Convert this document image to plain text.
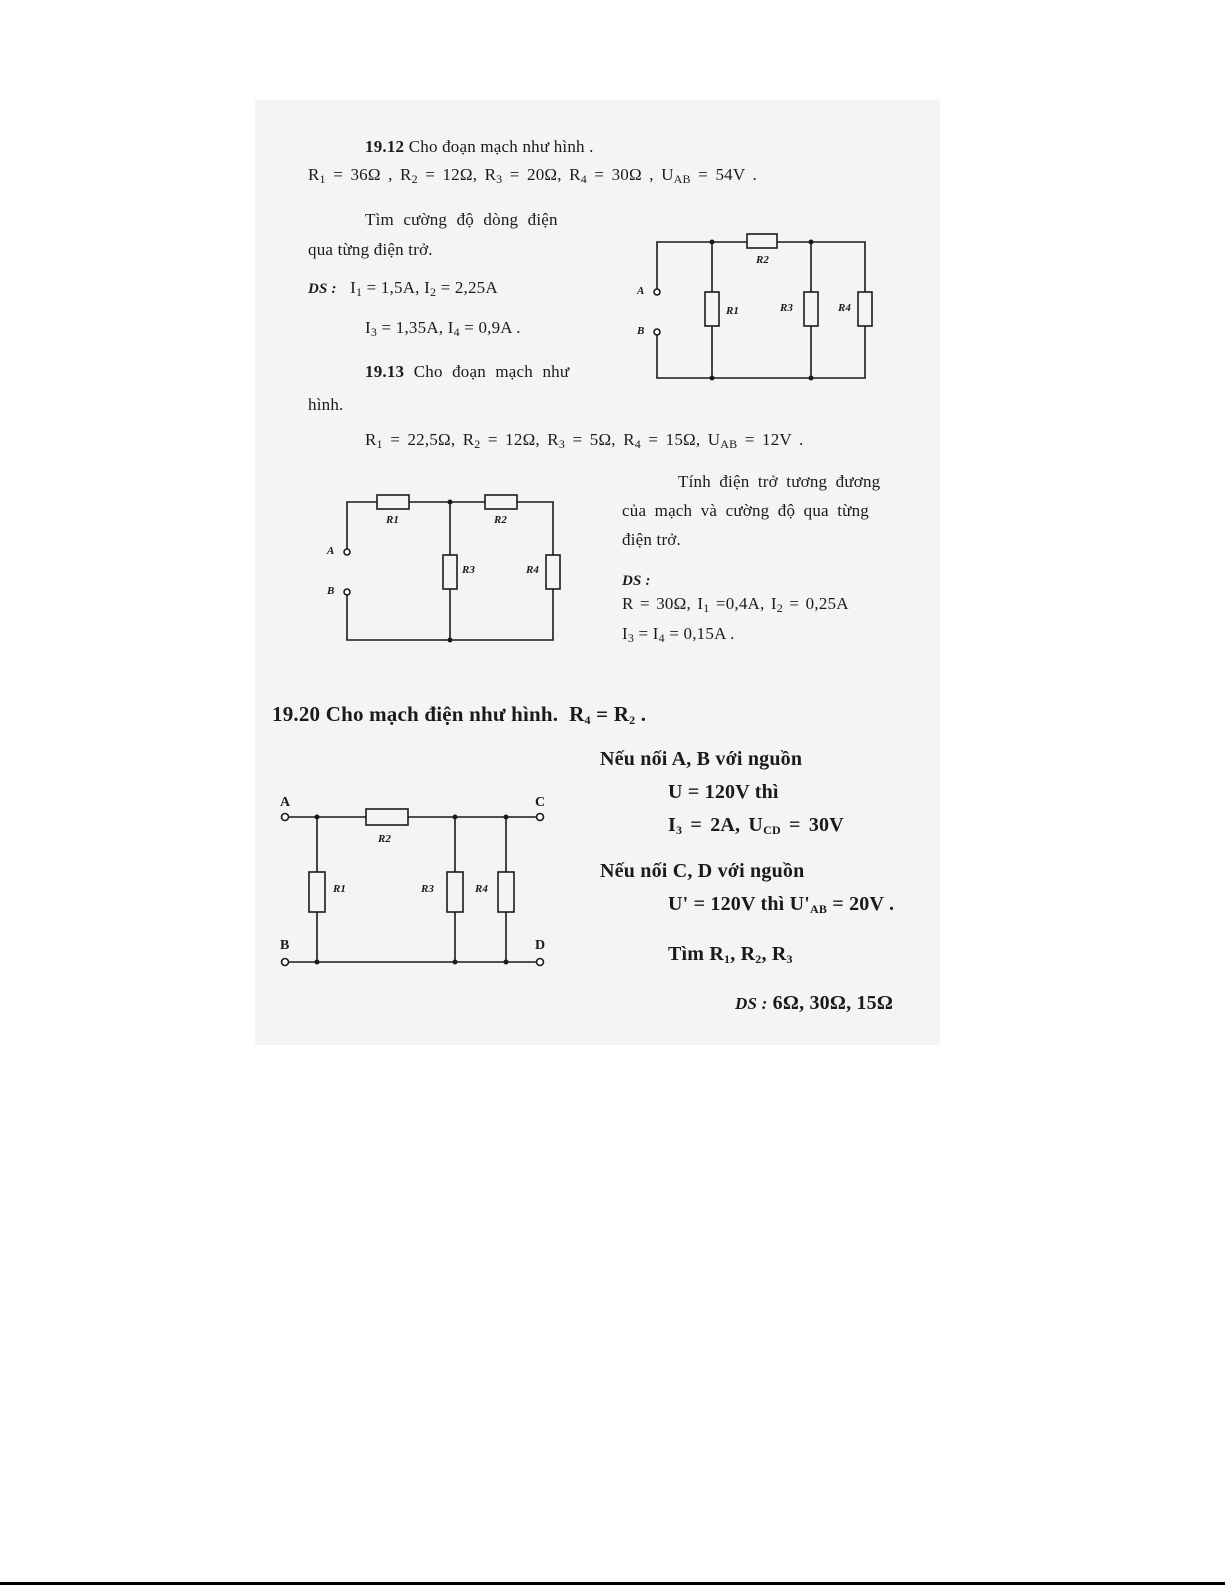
19.12 Cho đoạn mạch như hình .
$R_1 = 36\Omega$ , $R_2 = 12\Omega$, $R_3 = 20\Omega$, $R_4 = 30\Omega$ , $U_{AB} = 54V$ .
Tìm cường độ dòng điện
qua từng điện trở.
DS :   $I_1 = 1,5A$, $I_2 = 2,25A$
$I_3 = 1,35A$, $I_4 = 0,9A$ .
A
B
R2
R1	R3	R4
19.13 Cho đoạn mạch như
hình.
$R_1 = 22,5\Omega$, $R_2 = 12\Omega$, $R_3 = 5\Omega$, $R_4 = 15\Omega$, $U_{AB} = 12V$ .
Tính điện trở tương đương
của mạch và cường độ qua từng
điện trở.
DS :
R = 30Ω, $I_1 =0,4A$, $I_2 = 0,25A$
$I_3 = I_4 = 0,15A$ .
A
B
R1	R2
R3	R4
19.20 Cho mạch điện như hình.  $R_4 = R_2$ .
Nếu nối A, B với nguồn
U = 120V thì
$I_3 = 2A$, $U_{CD} = 30V$
Nếu nối C, D với nguồn
U' = 120V thì $U'_{AB} = 20V$ .
Tìm $R_1$, $R_2$, $R_3$
DS : 6Ω, 30Ω, 15Ω
A	C
B	D
R2
R1	R3	R4
